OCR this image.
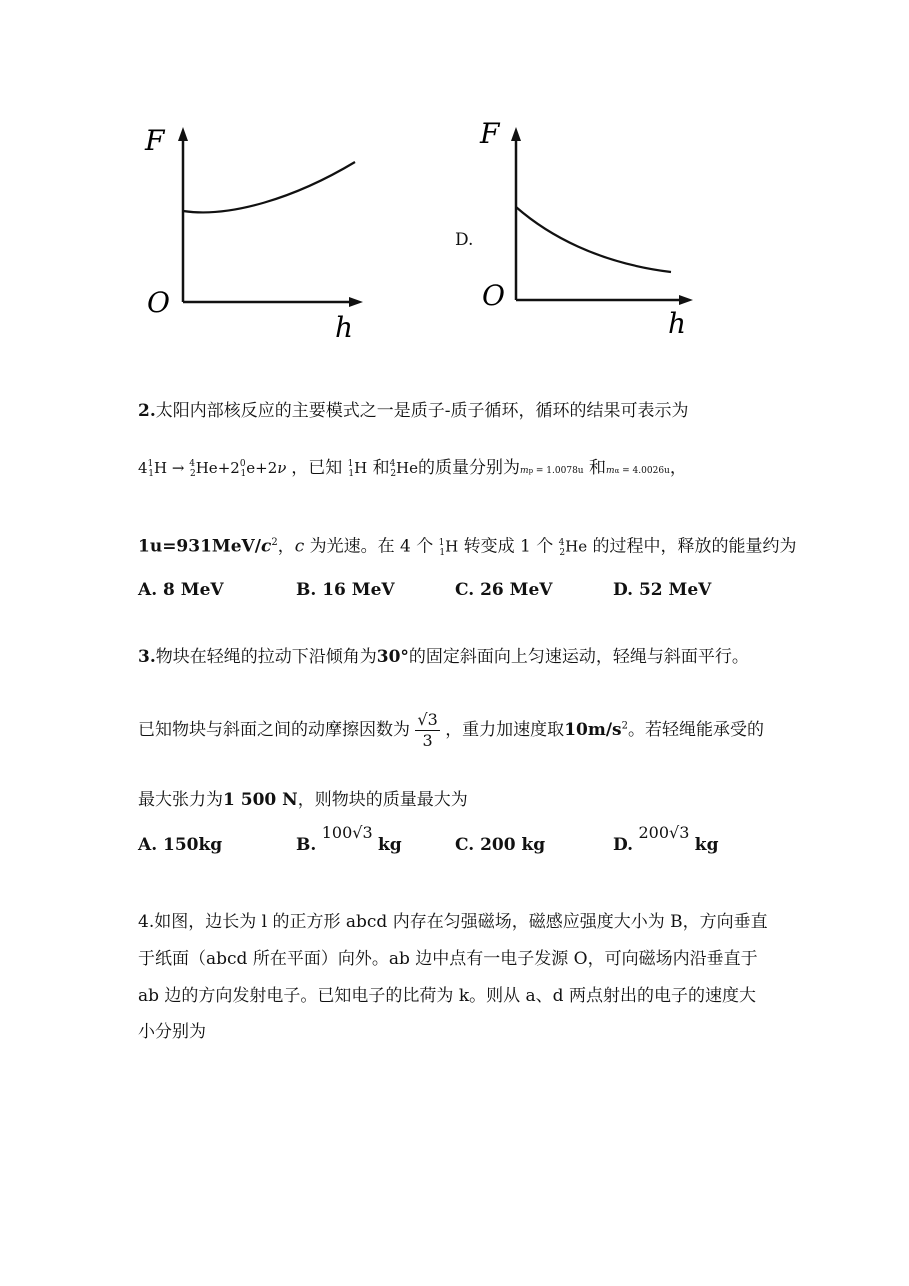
F
O
h
D.
F
O
h
2.太阳内部核反应的主要模式之一是质子-质子循环，循环的结果可表示为
$4^1_1H \to ^4_2He+2^0_1e+2\nu$ ，已知 $^1_1$H 和$^4_2$He的质量分别为mp = 1.0078u 和mα = 4.0026u，
$1u=931MeV/c^2$，c 为光速。在 4 个 $^1_1$H 转变成 1 个 $^4_2$He 的过程中，释放的能量约为
A. 8 MeV	B. 16 MeV	C. 26 MeV	D. 52 MeV
3.物块在轻绳的拉动下沿倾角为30°的固定斜面向上匀速运动，轻绳与斜面平行。
已知物块与斜面之间的动摩擦因数为 $\frac{√3}{3}$ ，重力加速度取$10m/s^2$。若轻绳能承受的
最大张力为1 500 N，则物块的质量最大为
A. 150kg	B. 100√3 kg	C. 200 kg	D. 200√3 kg
4.如图，边长为 l 的正方形 abcd 内存在匀强磁场，磁感应强度大小为 B，方向垂直
于纸面（abcd 所在平面）向外。ab 边中点有一电子发源 O，可向磁场内沿垂直于
ab 边的方向发射电子。已知电子的比荷为 k。则从 a、d 两点射出的电子的速度大
小分别为
